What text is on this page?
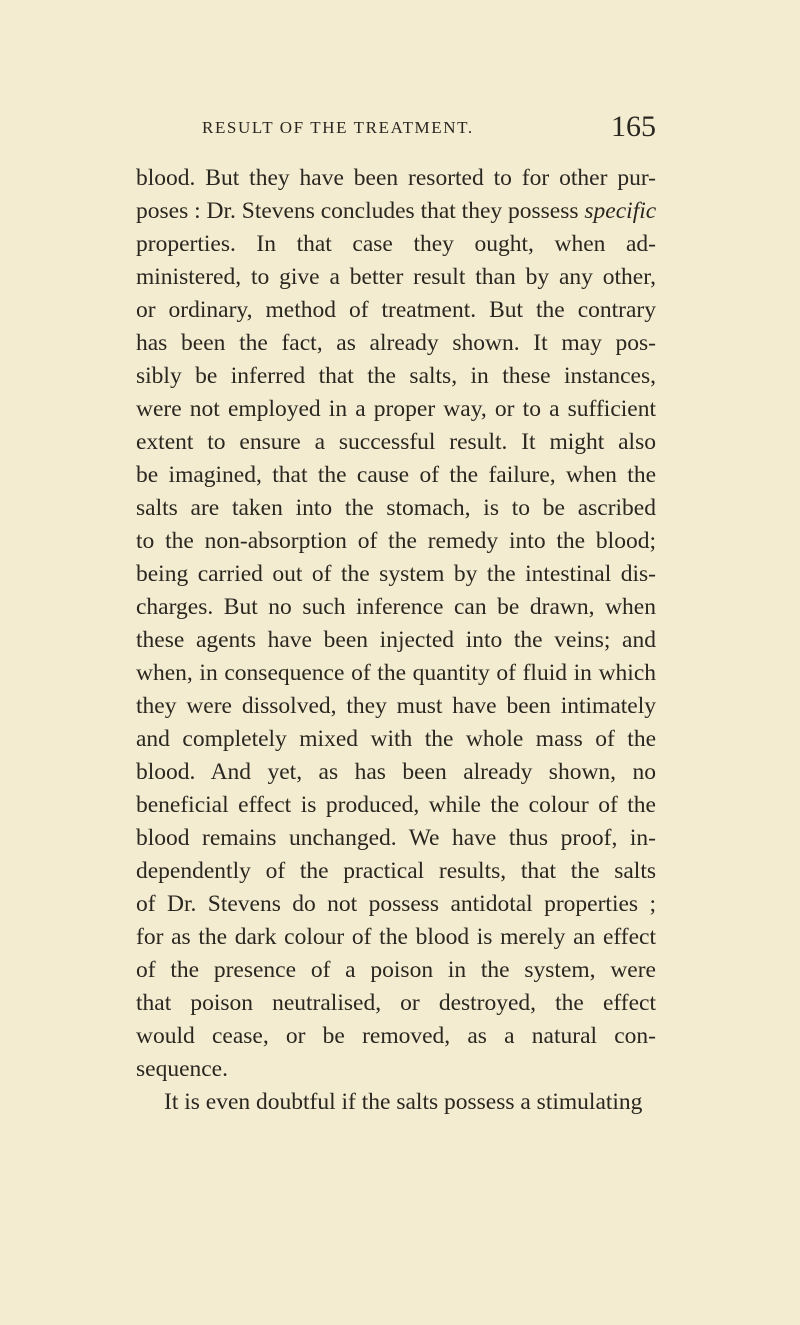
RESULT OF THE TREATMENT.	165
blood. But they have been resorted to for other pur-
poses : Dr. Stevens concludes that they possess specific
properties. In that case they ought, when ad-
ministered, to give a better result than by any other,
or ordinary, method of treatment. But the contrary
has been the fact, as already shown. It may pos-
sibly be inferred that the salts, in these instances,
were not employed in a proper way, or to a sufficient
extent to ensure a successful result. It might also
be imagined, that the cause of the failure, when the
salts are taken into the stomach, is to be ascribed
to the non-absorption of the remedy into the blood;
being carried out of the system by the intestinal dis-
charges. But no such inference can be drawn, when
these agents have been injected into the veins; and
when, in consequence of the quantity of fluid in which
they were dissolved, they must have been intimately
and completely mixed with the whole mass of the
blood. And yet, as has been already shown, no
beneficial effect is produced, while the colour of the
blood remains unchanged. We have thus proof, in-
dependently of the practical results, that the salts
of Dr. Stevens do not possess antidotal properties ;
for as the dark colour of the blood is merely an effect
of the presence of a poison in the system, were
that poison neutralised, or destroyed, the effect
would cease, or be removed, as a natural con-
sequence.
It is even doubtful if the salts possess a stimulating
